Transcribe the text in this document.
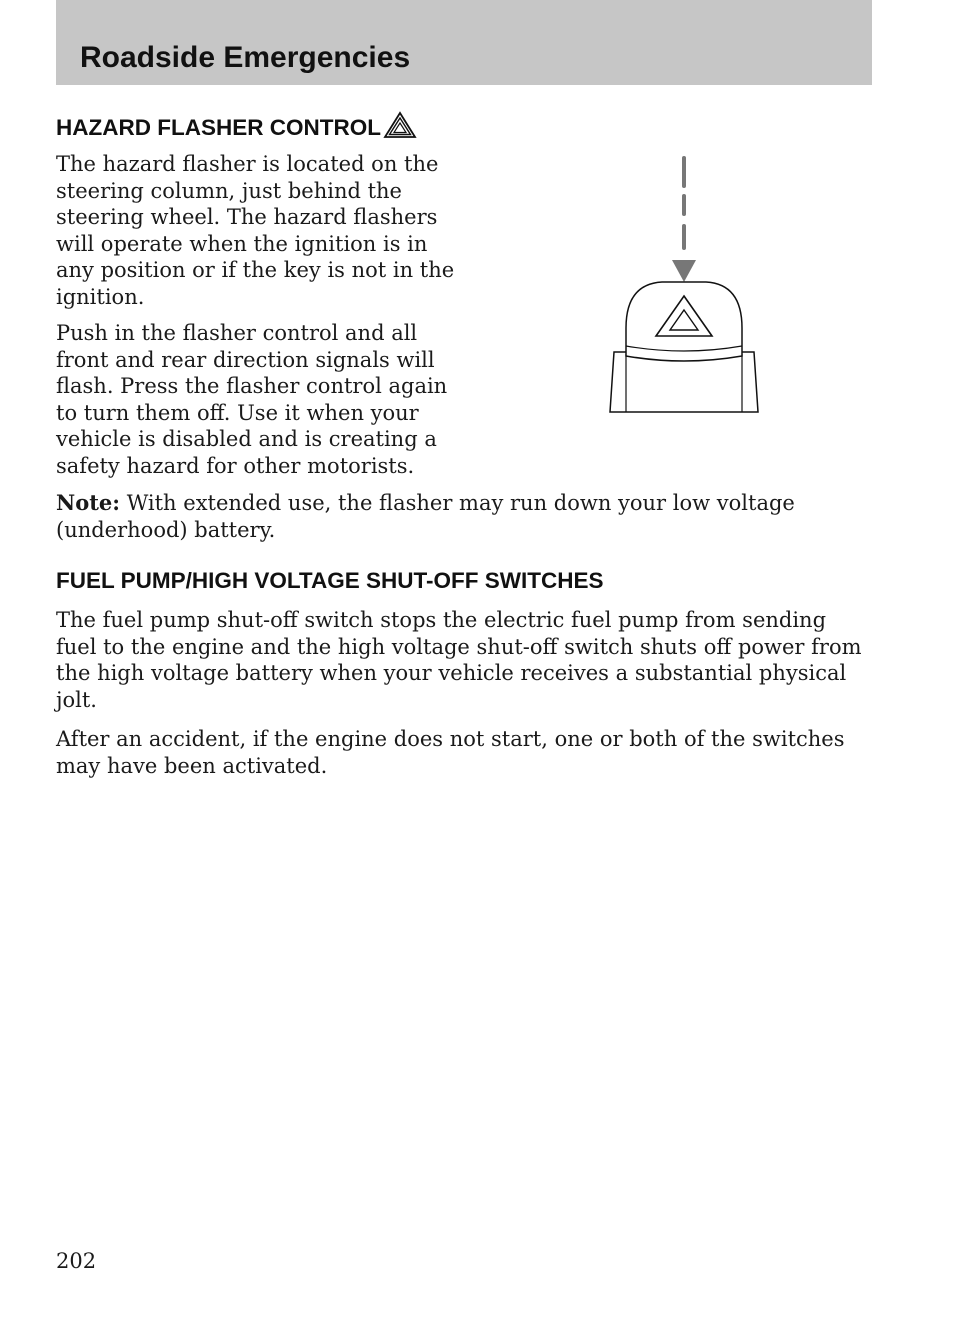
Roadside Emergencies
HAZARD FLASHER CONTROL

The hazard flasher is located on the steering column, just behind the steering wheel. The hazard flashers will operate when the ignition is in any position or if the key is not in the ignition.

Push in the flasher control and all front and rear direction signals will flash. Press the flasher control again to turn them off. Use it when your vehicle is disabled and is creating a safety hazard for other motorists.

Note: With extended use, the flasher may run down your low voltage (underhood) battery.

FUEL PUMP/HIGH VOLTAGE SHUT-OFF SWITCHES

The fuel pump shut-off switch stops the electric fuel pump from sending fuel to the engine and the high voltage shut-off switch shuts off power from the high voltage battery when your vehicle receives a substantial physical jolt.

After an accident, if the engine does not start, one or both of the switches may have been activated.

202
